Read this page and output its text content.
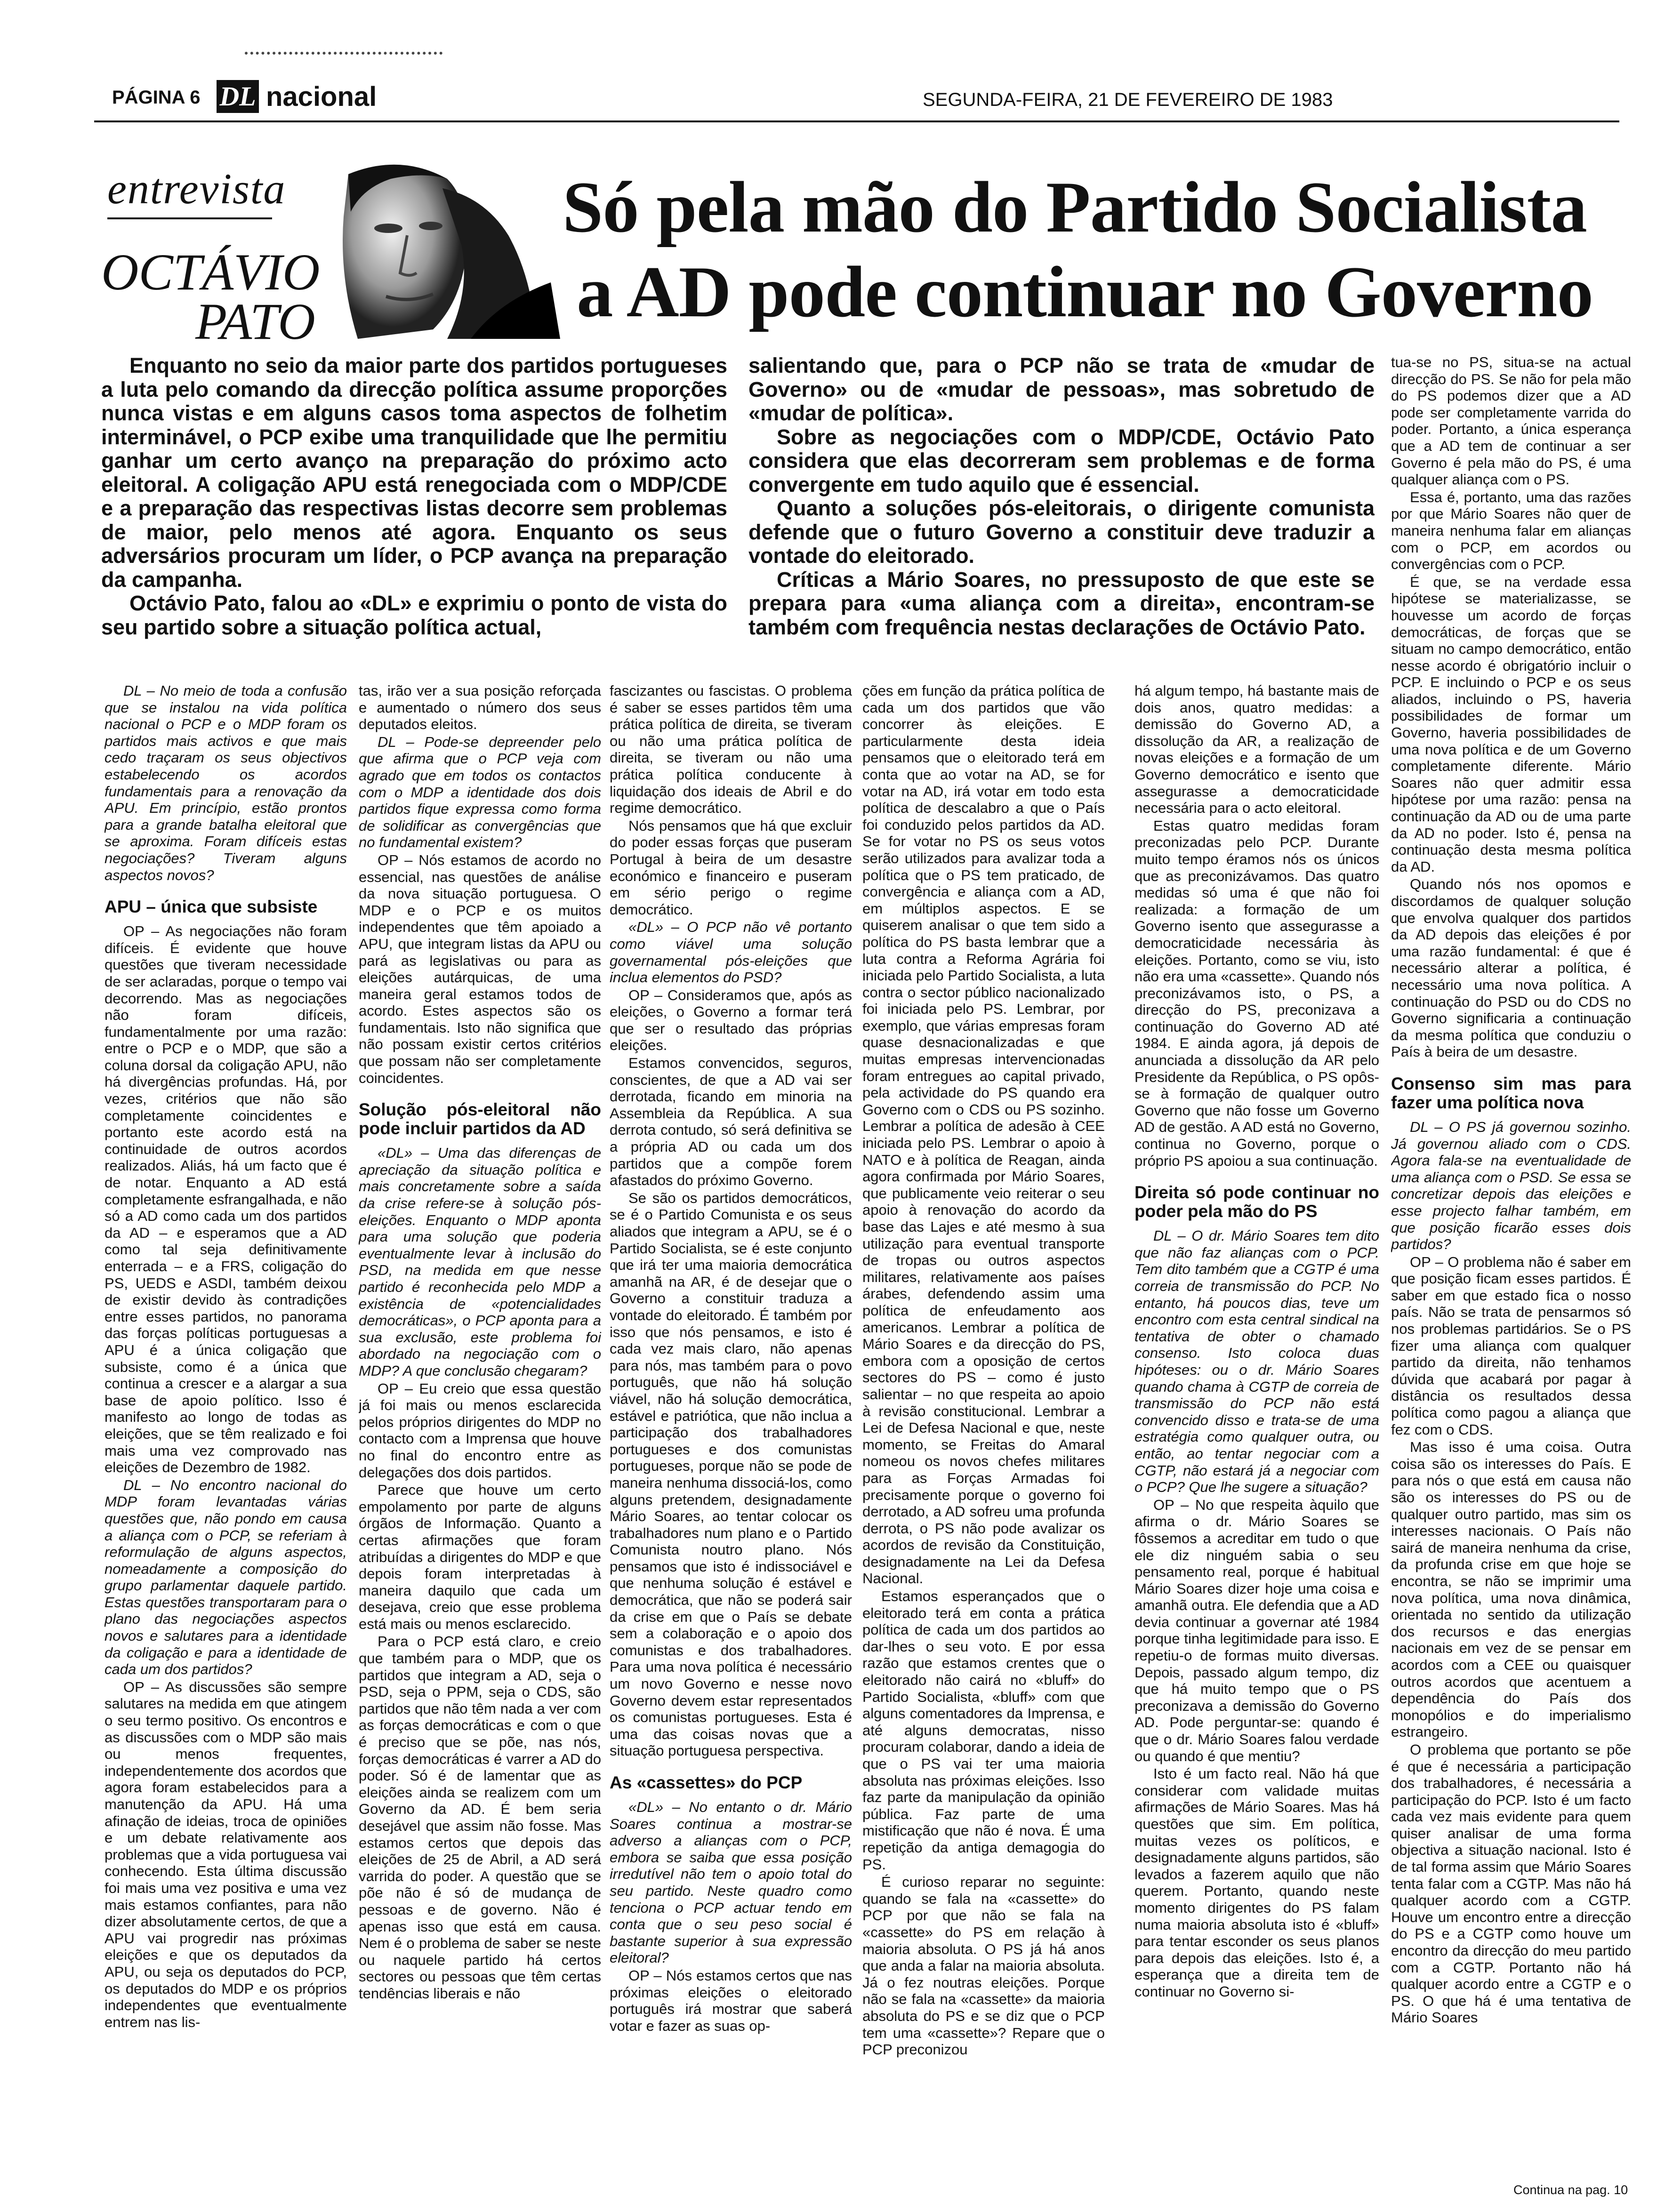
PÁGINA 6 DL nacional	SEGUNDA-FEIRA, 21 DE FEVEREIRO DE 1983
entrevista
OCTÁVIO
PATO
Só pela mão do Partido Socialista
a AD pode continuar no Governo

Enquanto no seio da maior parte dos partidos portugueses a luta pelo comando da direcção política assume proporções nunca vistas e em alguns casos toma aspectos de folhetim interminável, o PCP exibe uma tranquilidade que lhe permitiu ganhar um certo avanço na preparação do próximo acto eleitoral. A coligação APU está renegociada com o MDP/CDE e a preparação das respectivas listas decorre sem problemas de maior, pelo menos até agora. Enquanto os seus adversários procuram um líder, o PCP avança na preparação da campanha.

Octávio Pato, falou ao «DL» e exprimiu o ponto de vista do seu partido sobre a situação política actual,

salientando que, para o PCP não se trata de «mudar de Governo» ou de «mudar de pessoas», mas sobretudo de «mudar de política».

Sobre as negociações com o MDP/CDE, Octávio Pato considera que elas decorreram sem problemas e de forma convergente em tudo aquilo que é essencial.

Quanto a soluções pós-eleitorais, o dirigente comunista defende que o futuro Governo a constituir deve traduzir a vontade do eleitorado.

Críticas a Mário Soares, no pressuposto de que este se prepara para «uma aliança com a direita», encontram-se também com frequência nestas declarações de Octávio Pato.

DL – No meio de toda a confusão que se instalou na vida política nacional o PCP e o MDP foram os partidos mais activos e que mais cedo traçaram os seus objectivos estabelecendo os acordos fundamentais para a renovação da APU. Em princípio, estão prontos para a grande batalha eleitoral que se aproxima. Foram difíceis estas negociações? Tiveram alguns aspectos novos?

APU – única que subsiste

OP – As negociações não foram difíceis. É evidente que houve questões que tiveram necessidade de ser aclaradas, porque o tempo vai decorrendo. Mas as negociações não foram difíceis, fundamentalmente por uma razão: entre o PCP e o MDP, que são a coluna dorsal da coligação APU, não há divergências profundas. Há, por vezes, critérios que não são completamente coincidentes e portanto este acordo está na continuidade de outros acordos realizados. Aliás, há um facto que é de notar. Enquanto a AD está completamente esfrangalhada, e não só a AD como cada um dos partidos da AD – e esperamos que a AD como tal seja definitivamente enterrada – e a FRS, coligação do PS, UEDS e ASDI, também deixou de existir devido às contradições entre esses partidos, no panorama das forças políticas portuguesas a APU é a única coligação que subsiste, como é a única que continua a crescer e a alargar a sua base de apoio político. Isso é manifesto ao longo de todas as eleições, que se têm realizado e foi mais uma vez comprovado nas eleições de Dezembro de 1982.

DL – No encontro nacional do MDP foram levantadas várias questões que, não pondo em causa a aliança com o PCP, se referiam à reformulação de alguns aspectos, nomeadamente a composição do grupo parlamentar daquele partido. Estas questões transportaram para o plano das negociações aspectos novos e salutares para a identidade da coligação e para a identidade de cada um dos partidos?

OP – As discussões são sempre salutares na medida em que atingem o seu termo positivo. Os encontros e as discussões com o MDP são mais ou menos frequentes, independentemente dos acordos que agora foram estabelecidos para a manutenção da APU. Há uma afinação de ideias, troca de opiniões e um debate relativamente aos problemas que a vida portuguesa vai conhecendo. Esta última discussão foi mais uma vez positiva e uma vez mais estamos confiantes, para não dizer absolutamente certos, de que a APU vai progredir nas próximas eleições e que os deputados da APU, ou seja os deputados do PCP, os deputados do MDP e os próprios independentes que eventualmente entrem nas lis-

tas, irão ver a sua posição reforçada e aumentado o número dos seus deputados eleitos.

DL – Pode-se depreender pelo que afirma que o PCP veja com agrado que em todos os contactos com o MDP a identidade dos dois partidos fique expressa como forma de solidificar as convergências que no fundamental existem?

OP – Nós estamos de acordo no essencial, nas questões de análise da nova situação portuguesa. O MDP e o PCP e os muitos independentes que têm apoiado a APU, que integram listas da APU ou pará as legislativas ou para as eleições autárquicas, de uma maneira geral estamos todos de acordo. Estes aspectos são os fundamentais. Isto não significa que não possam existir certos critérios que possam não ser completamente coincidentes.

Solução pós-eleitoral não pode incluir partidos da AD

«DL» – Uma das diferenças de apreciação da situação política e mais concretamente sobre a saída da crise refere-se à solução pós-eleições. Enquanto o MDP aponta para uma solução que poderia eventualmente levar à inclusão do PSD, na medida em que nesse partido é reconhecida pelo MDP a existência de «potencialidades democráticas», o PCP aponta para a sua exclusão, este problema foi abordado na negociação com o MDP? A que conclusão chegaram?

OP – Eu creio que essa questão já foi mais ou menos esclarecida pelos próprios dirigentes do MDP no contacto com a Imprensa que houve no final do encontro entre as delegações dos dois partidos.

Parece que houve um certo empolamento por parte de alguns órgãos de Informação. Quanto a certas afirmações que foram atribuídas a dirigentes do MDP e que depois foram interpretadas à maneira daquilo que cada um desejava, creio que esse problema está mais ou menos esclarecido.

Para o PCP está claro, e creio que também para o MDP, que os partidos que integram a AD, seja o PSD, seja o PPM, seja o CDS, são partidos que não têm nada a ver com as forças democráticas e com o que é preciso que se põe, nas nós, forças democráticas é varrer a AD do poder. Só é de lamentar que as eleições ainda se realizem com um Governo da AD. É bem seria desejável que assim não fosse. Mas estamos certos que depois das eleições de 25 de Abril, a AD será varrida do poder. A questão que se põe não é só de mudança de pessoas e de governo. Não é apenas isso que está em causa. Nem é o problema de saber se neste ou naquele partido há certos sectores ou pessoas que têm certas tendências liberais e não

fascizantes ou fascistas. O problema é saber se esses partidos têm uma prática política de direita, se tiveram ou não uma prática política de direita, se tiveram ou não uma prática política conducente à liquidação dos ideais de Abril e do regime democrático.

Nós pensamos que há que excluir do poder essas forças que puseram Portugal à beira de um desastre económico e financeiro e puseram em sério perigo o regime democrático.

«DL» – O PCP não vê portanto como viável uma solução governamental pós-eleições que inclua elementos do PSD?

OP – Consideramos que, após as eleições, o Governo a formar terá que ser o resultado das próprias eleições.

Estamos convencidos, seguros, conscientes, de que a AD vai ser derrotada, ficando em minoria na Assembleia da República. A sua derrota contudo, só será definitiva se a própria AD ou cada um dos partidos que a compõe forem afastados do próximo Governo.

Se são os partidos democráticos, se é o Partido Comunista e os seus aliados que integram a APU, se é o Partido Socialista, se é este conjunto que irá ter uma maioria democrática amanhã na AR, é de desejar que o Governo a constituir traduza a vontade do eleitorado. É também por isso que nós pensamos, e isto é cada vez mais claro, não apenas para nós, mas também para o povo português, que não há solução viável, não há solução democrática, estável e patriótica, que não inclua a participação dos trabalhadores portugueses e dos comunistas portugueses, porque não se pode de maneira nenhuma dissociá-los, como alguns pretendem, designadamente Mário Soares, ao tentar colocar os trabalhadores num plano e o Partido Comunista noutro plano. Nós pensamos que isto é indissociável e que nenhuma solução é estável e democrática, que não se poderá sair da crise em que o País se debate sem a colaboração e o apoio dos comunistas e dos trabalhadores. Para uma nova política é necessário um novo Governo e nesse novo Governo devem estar representados os comunistas portugueses. Esta é uma das coisas novas que a situação portuguesa perspectiva.

As «cassettes» do PCP

«DL» – No entanto o dr. Mário Soares continua a mostrar-se adverso a alianças com o PCP, embora se saiba que essa posição irredutível não tem o apoio total do seu partido. Neste quadro como tenciona o PCP actuar tendo em conta que o seu peso social é bastante superior à sua expressão eleitoral?

OP – Nós estamos certos que nas próximas eleições o eleitorado português irá mostrar que saberá votar e fazer as suas op-

ções em função da prática política de cada um dos partidos que vão concorrer às eleições. E particularmente desta ideia pensamos que o eleitorado terá em conta que ao votar na AD, se for votar na AD, irá votar em todo esta política de descalabro a que o País foi conduzido pelos partidos da AD. Se for votar no PS os seus votos serão utilizados para avalizar toda a política que o PS tem praticado, de convergência e aliança com a AD, em múltiplos aspectos. E se quiserem analisar o que tem sido a política do PS basta lembrar que a luta contra a Reforma Agrária foi iniciada pelo Partido Socialista, a luta contra o sector público nacionalizado foi iniciada pelo PS. Lembrar, por exemplo, que várias empresas foram quase desnacionalizadas e que muitas empresas intervencionadas foram entregues ao capital privado, pela actividade do PS quando era Governo com o CDS ou PS sozinho. Lembrar a política de adesão à CEE iniciada pelo PS. Lembrar o apoio à NATO e à política de Reagan, ainda agora confirmada por Mário Soares, que publicamente veio reiterar o seu apoio à renovação do acordo da base das Lajes e até mesmo à sua utilização para eventual transporte de tropas ou outros aspectos militares, relativamente aos países árabes, defendendo assim uma política de enfeudamento aos americanos. Lembrar a política de Mário Soares e da direcção do PS, embora com a oposição de certos sectores do PS – como é justo salientar – no que respeita ao apoio à revisão constitucional. Lembrar a Lei de Defesa Nacional e que, neste momento, se Freitas do Amaral nomeou os novos chefes militares para as Forças Armadas foi precisamente porque o governo foi derrotado, a AD sofreu uma profunda derrota, o PS não pode avalizar os acordos de revisão da Constituição, designadamente na Lei da Defesa Nacional.

Estamos esperançados que o eleitorado terá em conta a prática política de cada um dos partidos ao dar-lhes o seu voto. E por essa razão que estamos crentes que o eleitorado não cairá no «bluff» do Partido Socialista, «bluff» com que alguns comentadores da Imprensa, e até alguns democratas, nisso procuram colaborar, dando a ideia de que o PS vai ter uma maioria absoluta nas próximas eleições. Isso faz parte da manipulação da opinião pública. Faz parte de uma mistificação que não é nova. É uma repetição da antiga demagogia do PS.

É curioso reparar no seguinte: quando se fala na «cassette» do PCP por que não se fala na «cassette» do PS em relação à maioria absoluta. O PS já há anos que anda a falar na maioria absoluta. Já o fez noutras eleições. Porque não se fala na «cassette» da maioria absoluta do PS e se diz que o PCP tem uma «cassette»? Repare que o PCP preconizou

há algum tempo, há bastante mais de dois anos, quatro medidas: a demissão do Governo AD, a dissolução da AR, a realização de novas eleições e a formação de um Governo democrático e isento que assegurasse a democraticidade necessária para o acto eleitoral.

Estas quatro medidas foram preconizadas pelo PCP. Durante muito tempo éramos nós os únicos que as preconizávamos. Das quatro medidas só uma é que não foi realizada: a formação de um Governo isento que assegurasse a democraticidade necessária às eleições. Portanto, como se viu, isto não era uma «cassette». Quando nós preconizávamos isto, o PS, a direcção do PS, preconizava a continuação do Governo AD até 1984. E ainda agora, já depois de anunciada a dissolução da AR pelo Presidente da República, o PS opôs-se à formação de qualquer outro Governo que não fosse um Governo AD de gestão. A AD está no Governo, continua no Governo, porque o próprio PS apoiou a sua continuação.

Direita só pode continuar no poder pela mão do PS

DL – O dr. Mário Soares tem dito que não faz alianças com o PCP. Tem dito também que a CGTP é uma correia de transmissão do PCP. No entanto, há poucos dias, teve um encontro com esta central sindical na tentativa de obter o chamado consenso. Isto coloca duas hipóteses: ou o dr. Mário Soares quando chama à CGTP de correia de transmissão do PCP não está convencido disso e trata-se de uma estratégia como qualquer outra, ou então, ao tentar negociar com a CGTP, não estará já a negociar com o PCP? Que lhe sugere a situação?

OP – No que respeita àquilo que afirma o dr. Mário Soares se fôssemos a acreditar em tudo o que ele diz ninguém sabia o seu pensamento real, porque é habitual Mário Soares dizer hoje uma coisa e amanhã outra. Ele defendia que a AD devia continuar a governar até 1984 porque tinha legitimidade para isso. E repetiu-o de formas muito diversas. Depois, passado algum tempo, diz que há muito tempo que o PS preconizava a demissão do Governo AD. Pode perguntar-se: quando é que o dr. Mário Soares falou verdade ou quando é que mentiu?

Isto é um facto real. Não há que considerar com validade muitas afirmações de Mário Soares. Mas há questões que sim. Em política, muitas vezes os políticos, e designadamente alguns partidos, são levados a fazerem aquilo que não querem. Portanto, quando neste momento dirigentes do PS falam numa maioria absoluta isto é «bluff» para tentar esconder os seus planos para depois das eleições. Isto é, a esperança que a direita tem de continuar no Governo si-

tua-se no PS, situa-se na actual direcção do PS. Se não for pela mão do PS podemos dizer que a AD pode ser completamente varrida do poder. Portanto, a única esperança que a AD tem de continuar a ser Governo é pela mão do PS, é uma qualquer aliança com o PS.

Essa é, portanto, uma das razões por que Mário Soares não quer de maneira nenhuma falar em alianças com o PCP, em acordos ou convergências com o PCP.

É que, se na verdade essa hipótese se materializasse, se houvesse um acordo de forças democráticas, de forças que se situam no campo democrático, então nesse acordo é obrigatório incluir o PCP. E incluindo o PCP e os seus aliados, incluindo o PS, haveria possibilidades de formar um Governo, haveria possibilidades de uma nova política e de um Governo completamente diferente. Mário Soares não quer admitir essa hipótese por uma razão: pensa na continuação da AD ou de uma parte da AD no poder. Isto é, pensa na continuação desta mesma política da AD.

Quando nós nos opomos e discordamos de qualquer solução que envolva qualquer dos partidos da AD depois das eleições é por uma razão fundamental: é que é necessário alterar a política, é necessário uma nova política. A continuação do PSD ou do CDS no Governo significaria a continuação da mesma política que conduziu o País à beira de um desastre.

Consenso sim mas para fazer uma política nova

DL – O PS já governou sozinho. Já governou aliado com o CDS. Agora fala-se na eventualidade de uma aliança com o PSD. Se essa se concretizar depois das eleições e esse projecto falhar também, em que posição ficarão esses dois partidos?

OP – O problema não é saber em que posição ficam esses partidos. É saber em que estado fica o nosso país. Não se trata de pensarmos só nos problemas partidários. Se o PS fizer uma aliança com qualquer partido da direita, não tenhamos dúvida que acabará por pagar à distância os resultados dessa política como pagou a aliança que fez com o CDS.

Mas isso é uma coisa. Outra coisa são os interesses do País. E para nós o que está em causa não são os interesses do PS ou de qualquer outro partido, mas sim os interesses nacionais. O País não sairá de maneira nenhuma da crise, da profunda crise em que hoje se encontra, se não se imprimir uma nova política, uma nova dinâmica, orientada no sentido da utilização dos recursos e das energias nacionais em vez de se pensar em acordos com a CEE ou quaisquer outros acordos que acentuem a dependência do País dos monopólios e do imperialismo estrangeiro.

O problema que portanto se põe é que é necessária a participação dos trabalhadores, é necessária a participação do PCP. Isto é um facto cada vez mais evidente para quem quiser analisar de uma forma objectiva a situação nacional. Isto é de tal forma assim que Mário Soares tenta falar com a CGTP. Mas não há qualquer acordo com a CGTP. Houve um encontro entre a direcção do PS e a CGTP como houve um encontro da direcção do meu partido com a CGTP. Portanto não há qualquer acordo entre a CGTP e o PS. O que há é uma tentativa de Mário Soares

Continua na pag. 10
